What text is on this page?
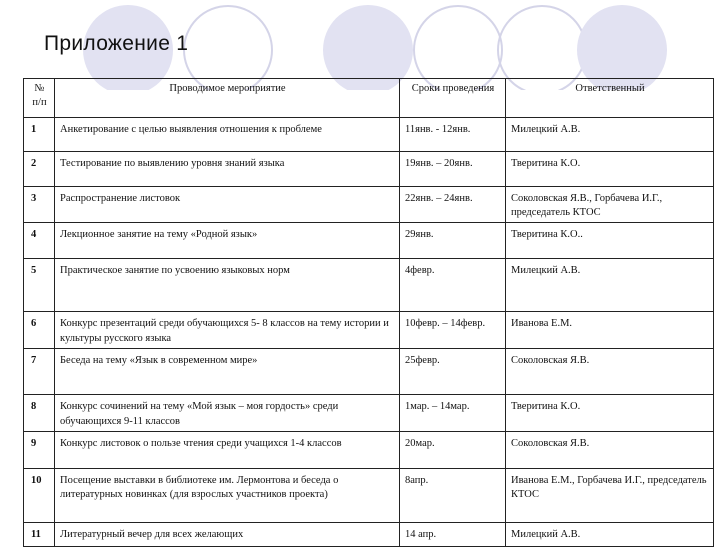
Приложение 1
№ п/п	Проводимое мероприятие	Сроки проведения	Ответственный
1	Анкетирование с целью выявления отношения к проблеме	11янв. - 12янв.	Милецкий А.В.
2	Тестирование по выявлению уровня знаний языка	19янв. – 20янв.	Тверитина К.О.
3	Распространение листовок	22янв. – 24янв.	Соколовская Я.В., Горбачева И.Г., председатель КТОС
4	Лекционное занятие на тему «Родной язык»	29янв.	Тверитина К.О..
5	Практическое занятие по усвоению языковых норм	4февр.	Милецкий А.В.
6	Конкурс презентаций среди обучающихся 5- 8 классов на тему истории и культуры русского языка	10февр. – 14февр.	Иванова Е.М.
7	Беседа на тему «Язык в современном мире»	25февр.	Соколовская Я.В.
8	Конкурс сочинений на тему «Мой язык – моя гордость» среди обучающихся 9-11 классов	1мар. – 14мар.	Тверитина К.О.
9	Конкурс листовок о пользе чтения среди учащихся 1-4 классов	20мар.	Соколовская Я.В.
10	Посещение выставки в библиотеке им. Лермонтова и беседа о литературных новинках (для взрослых участников проекта)	8апр.	Иванова Е.М., Горбачева И.Г., председатель КТОС
11	Литературный вечер для всех желающих	14 апр.	Милецкий А.В.
